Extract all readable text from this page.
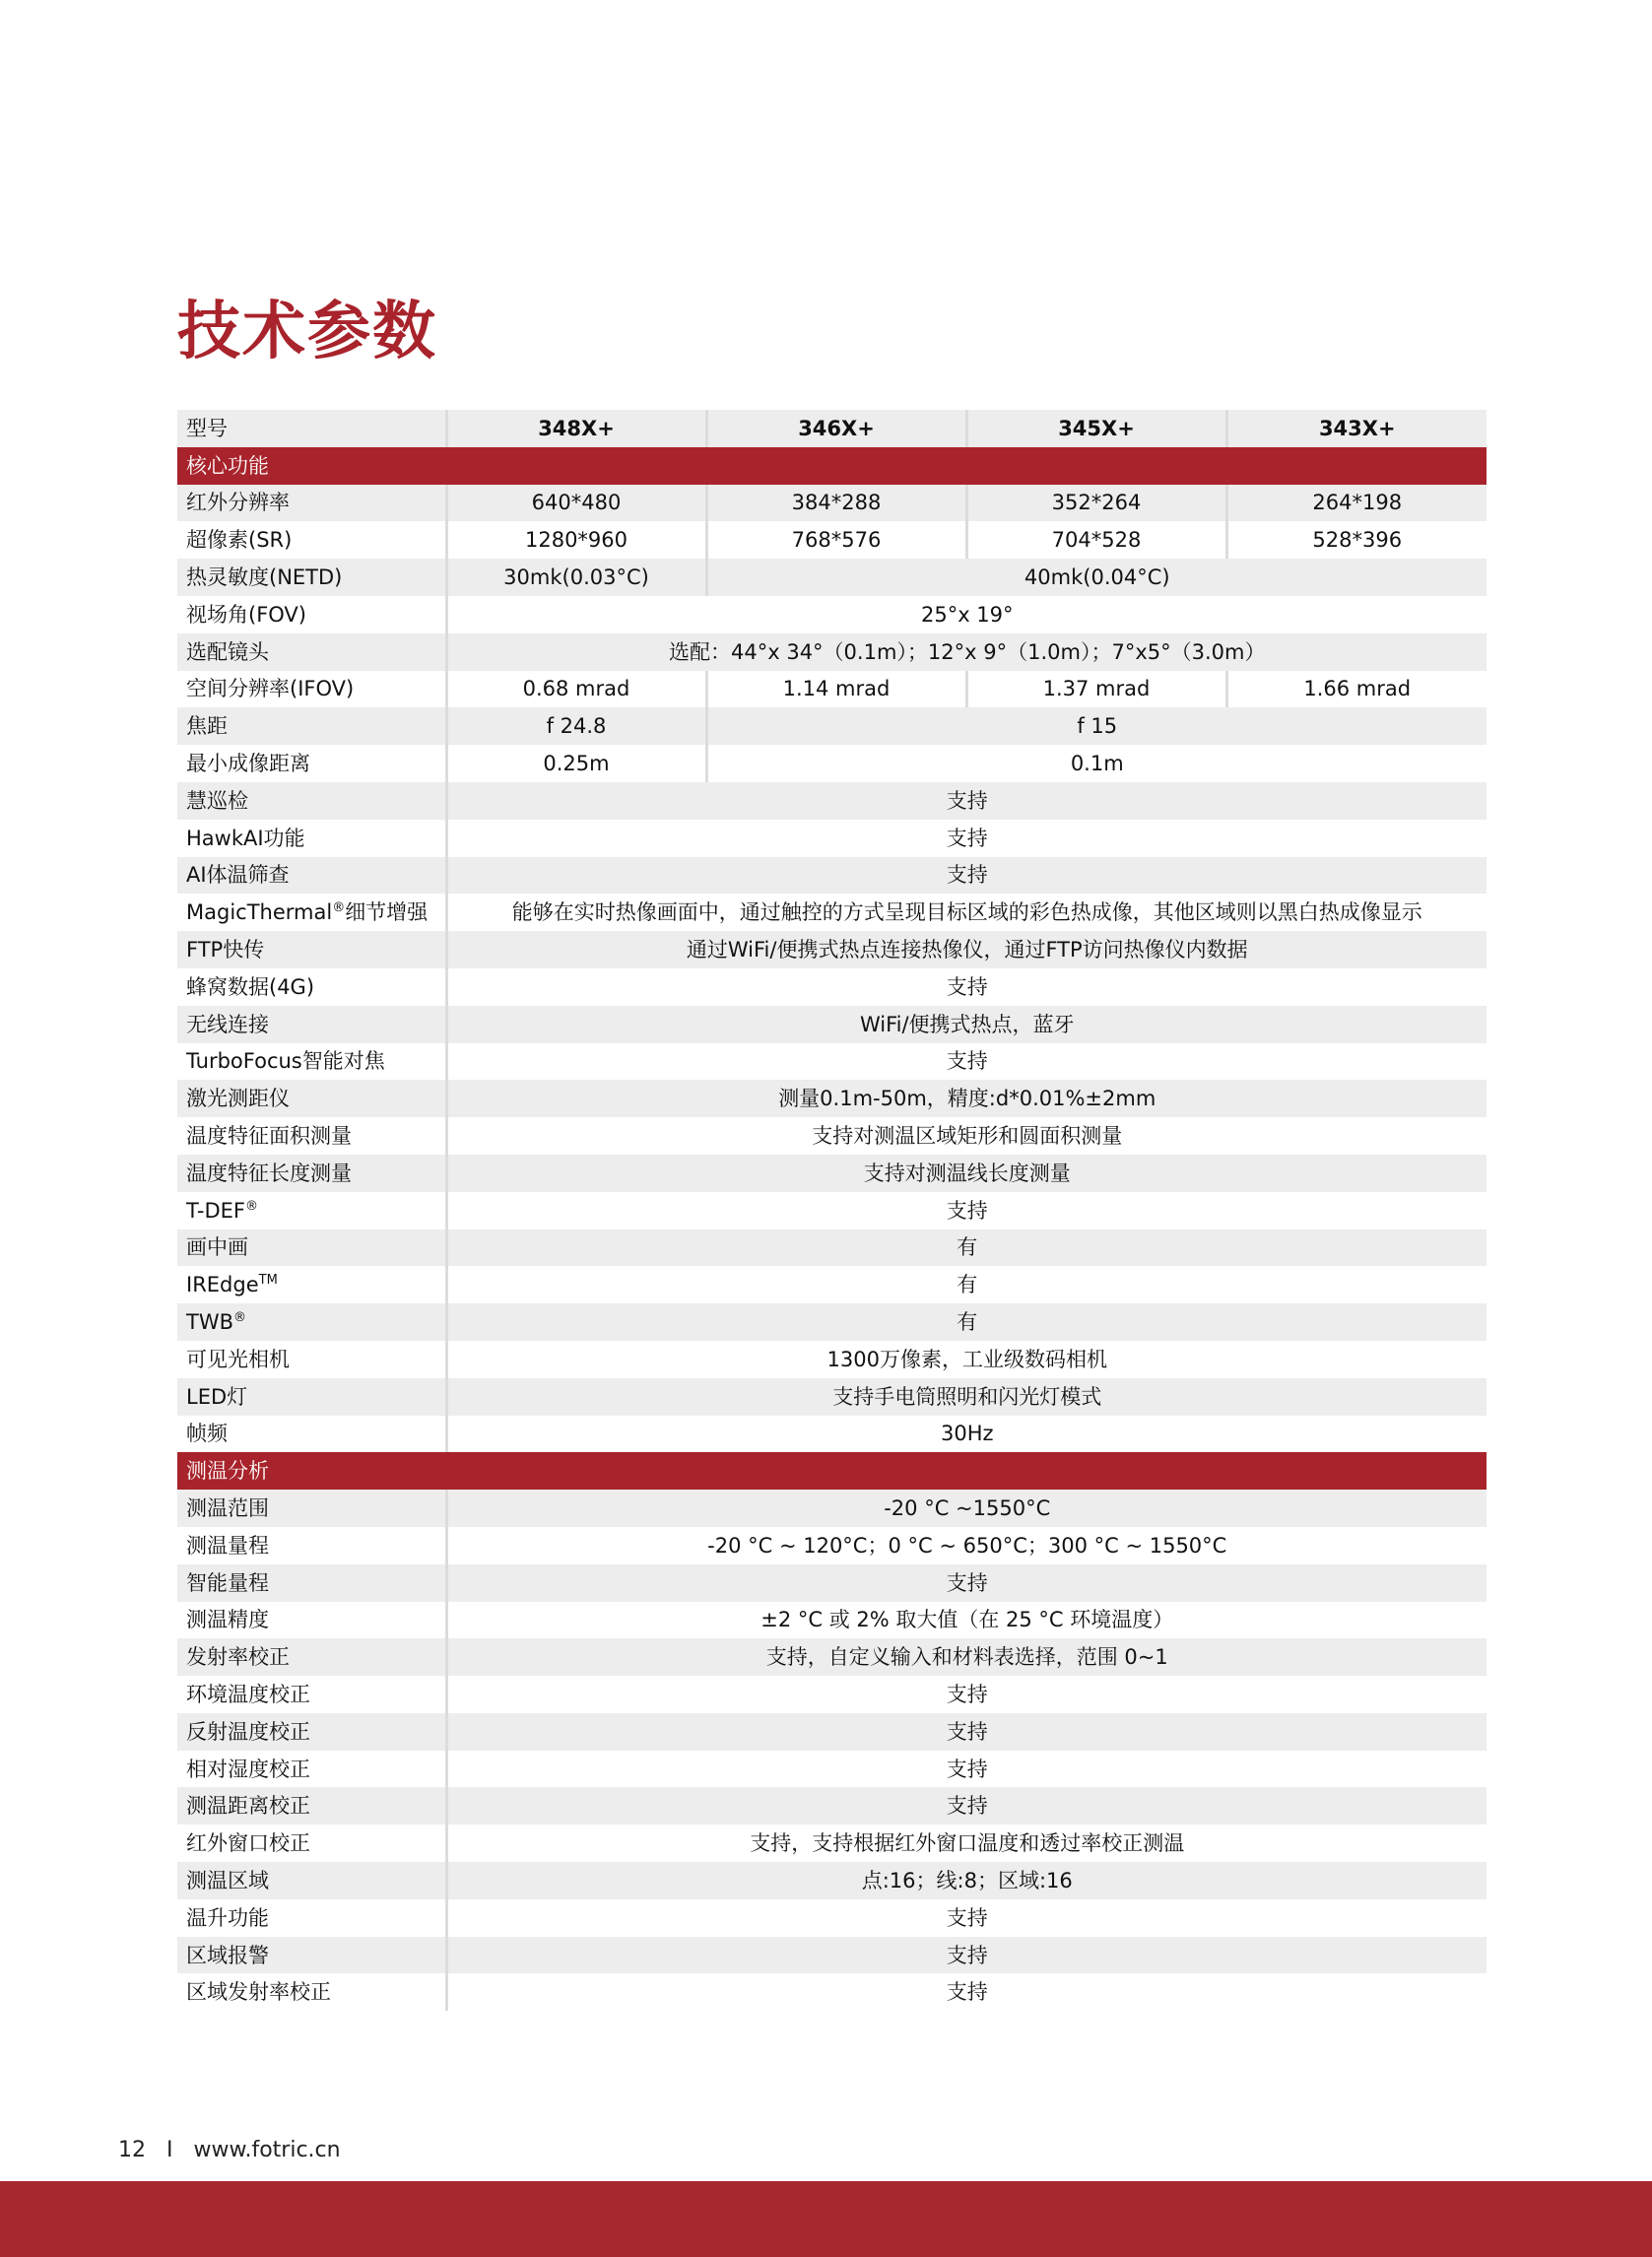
技术参数
型号	348X+	346X+	345X+	343X+
核心功能				
红外分辨率	640*480	384*288	352*264	264*198
超像素(SR)	1280*960	768*576	704*528	528*396
热灵敏度(NETD)	30mk(0.03°C)	40mk(0.04°C)		
视场角(FOV)	25°x 19°			
选配镜头	选配：44°x 34°（0.1m）；12°x 9°（1.0m）；7°x5°（3.0m）			
空间分辨率(IFOV)	0.68 mrad	1.14 mrad	1.37 mrad	1.66 mrad
焦距	f 24.8	f 15		
最小成像距离	0.25m	0.1m		
慧巡检	支持			
HawkAI功能	支持			
AI体温筛查	支持			
MagicThermal®细节增强	能够在实时热像画面中，通过触控的方式呈现目标区域的彩色热成像，其他区域则以黑白热成像显示			
FTP快传	通过WiFi/便携式热点连接热像仪，通过FTP访问热像仪内数据			
蜂窝数据(4G)	支持			
无线连接	WiFi/便携式热点，蓝牙			
TurboFocus智能对焦	支持			
激光测距仪	测量0.1m-50m，精度:d*0.01%±2mm			
温度特征面积测量	支持对测温区域矩形和圆面积测量			
温度特征长度测量	支持对测温线长度测量			
T-DEF®	支持			
画中画	有			
IREdge™	有			
TWB®	有			
可见光相机	1300万像素，工业级数码相机			
LED灯	支持手电筒照明和闪光灯模式			
帧频	30Hz			
测温分析				
测温范围	-20 °C ~1550°C			
测温量程	-20 °C ~ 120°C；0 °C ~ 650°C；300 °C ~ 1550°C			
智能量程	支持			
测温精度	±2 °C 或 2% 取大值（在 25 °C 环境温度）			
发射率校正	支持，自定义输入和材料表选择，范围 0~1			
环境温度校正	支持			
反射温度校正	支持			
相对湿度校正	支持			
测温距离校正	支持			
红外窗口校正	支持，支持根据红外窗口温度和透过率校正测温			
测温区域	点:16；线:8；区域:16			
温升功能	支持			
区域报警	支持			
区域发射率校正	支持			
12 I www.fotric.cn
